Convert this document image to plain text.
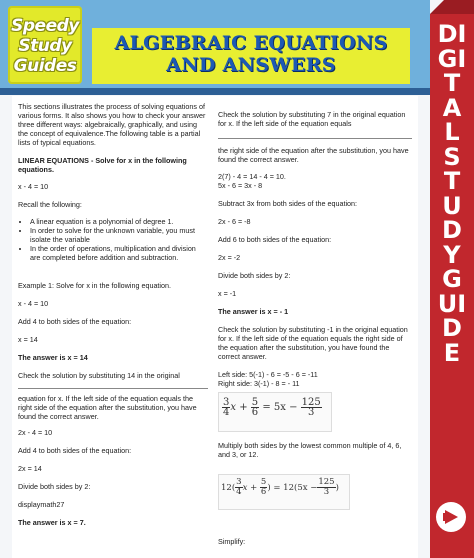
Speedy
Study
Guides
ALGEBRAIC EQUATIONS
AND ANSWERS
This sections illustrates the process of solving equations of various forms. It also shows you how to check your answer three different ways: algebraically, graphically, and using the concept of equivalence.The following table is a partial lists of typical equations.
LINEAR EQUATIONS - Solve for x in the following equations.
x - 4 = 10
Recall the following:
• A linear equation is a polynomial of degree 1.
• In order to solve for the unknown variable, you must isolate the variable
• In the order of operations, multiplication and division are completed before addition and subtraction.
Example 1: Solve for x in the following equation.
x - 4 = 10
Add 4 to both sides of the equation:
x = 14
The answer is x = 14
Check the solution by substituting 14 in the original
equation for x. If the left side of the equation equals the right side of the equation after the substitution, you have found the correct answer.
2x - 4 = 10
Add 4 to both sides of the equation:
2x = 14
Divide both sides by 2:
displaymath27
The answer is x = 7.
Check the solution by substituting 7 in the original equation for x. If the left side of the equation equals
the right side of the equation after the substitution, you have found the correct answer.
2(7) - 4 = 14 - 4 = 10.
5x - 6 = 3x - 8
Subtract 3x from both sides of the equation:
2x - 6 = -8
Add 6 to both sides of the equation:
2x = -2
Divide both sides by 2:
x = -1
The answer is x = - 1
Check the solution by substituting -1 in the original equation for x. If the left side of the equation equals the right side of the equation after the substitution, you have found the correct answer.
Left side: 5(-1) - 6 = -5 - 6 = -11
Right side: 3(-1) - 8 = - 11
$\frac{3}{4}$ $x + \frac{5}{6} = 5x - \frac{125}{3}$
Multiply both sides by the lowest common multiple of 4, 6, and 3, or 12.
$12( \frac{3}{4}$ $x + \frac{5}{6}$ ) = $12(5x - \frac{125}{3}$ )
Simplify:
DIGITAL STUDY GUIDE
